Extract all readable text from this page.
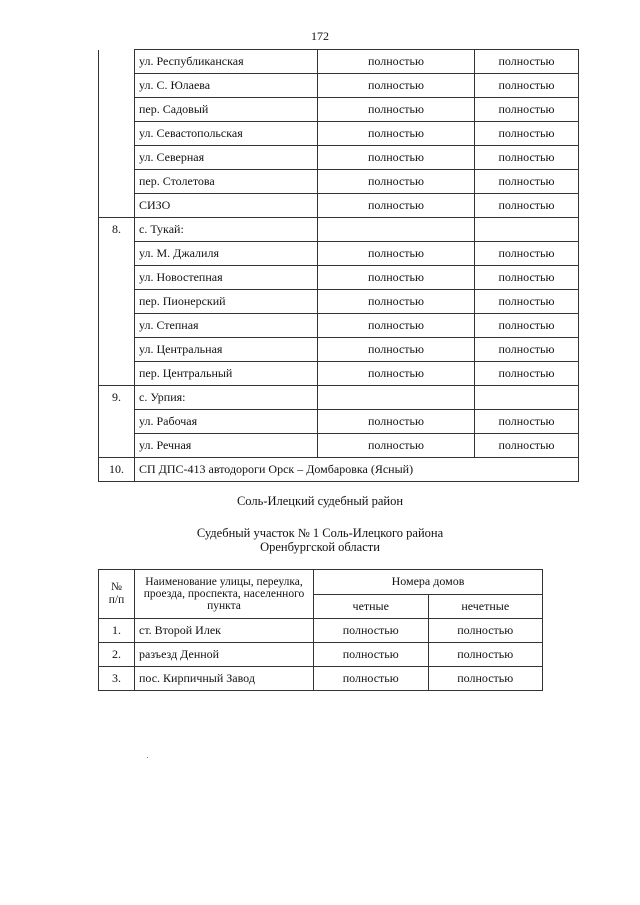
172
	ул. Республиканская	полностью	полностью
	ул. С. Юлаева	полностью	полностью
	пер. Садовый	полностью	полностью
	ул. Севастопольская	полностью	полностью
	ул. Северная	полностью	полностью
	пер. Столетова	полностью	полностью
	СИЗО	полностью	полностью
8.	с. Тукай:		
	ул. М. Джалиля	полностью	полностью
	ул. Новостепная	полностью	полностью
	пер. Пионерский	полностью	полностью
	ул. Степная	полностью	полностью
	ул. Центральная	полностью	полностью
	пер. Центральный	полностью	полностью
9.	с. Урпия:		
	ул. Рабочая	полностью	полностью
	ул. Речная	полностью	полностью
10.	СП ДПС-413 автодороги Орск – Домбаровка (Ясный)		
Соль-Илецкий судебный район
Судебный участок № 1 Соль-Илецкого района
Оренбургской области
№
п/п	Наименование улицы, переулка, проезда, проспекта, населенного пункта	Номера домов	
		четные	нечетные
1.	ст. Второй Илек	полностью	полностью
2.	разъезд Денной	полностью	полностью
3.	пос. Кирпичный Завод	полностью	полностью
